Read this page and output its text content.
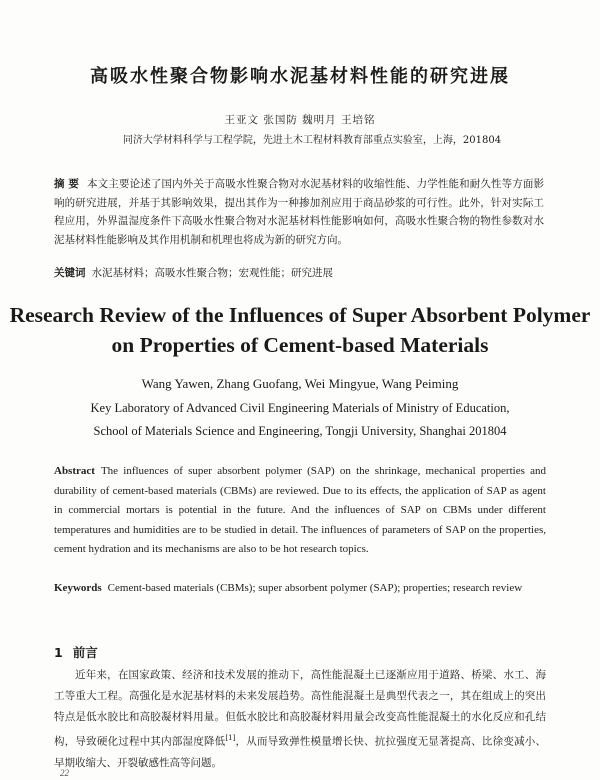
高吸水性聚合物影响水泥基材料性能的研究进展

王亚文 张国防 魏明月 王培铭

同济大学材料科学与工程学院，先进土木工程材料教育部重点实验室，上海，201804

摘 要 本文主要论述了国内外关于高吸水性聚合物对水泥基材料的收缩性能、力学性能和耐久性等方面影响的研究进展，并基于其影响效果，提出其作为一种掺加剂应用于商品砂浆的可行性。此外，针对实际工程应用，外界温湿度条件下高吸水性聚合物对水泥基材料性能影响如何，高吸水性聚合物的物性参数对水泥基材料性能影响及其作用机制和机理也将成为新的研究方向。

关键词 水泥基材料；高吸水性聚合物；宏观性能；研究进展

Research Review of the Influences of Super Absorbent Polymer on Properties of Cement-based Materials

Wang Yawen, Zhang Guofang, Wei Mingyue, Wang Peiming

Key Laboratory of Advanced Civil Engineering Materials of Ministry of Education,
School of Materials Science and Engineering, Tongji University, Shanghai 201804

Abstract The influences of super absorbent polymer (SAP) on the shrinkage, mechanical properties and durability of cement-based materials (CBMs) are reviewed. Due to its effects, the application of SAP as agent in commercial mortars is potential in the future. And the influences of SAP on CBMs under different temperatures and humidities are to be studied in detail. The influences of parameters of SAP on the properties, cement hydration and its mechanisms are also to be hot research topics.

Keywords Cement-based materials (CBMs); super absorbent polymer (SAP); properties; research review

1 前言

近年来，在国家政策、经济和技术发展的推动下，高性能混凝土已逐渐应用于道路、桥梁、水工、海工等重大工程。高强化是水泥基材料的未来发展趋势。高性能混凝土是典型代表之一，其在组成上的突出特点是低水胶比和高胶凝材料用量。但低水胶比和高胶凝材料用量会改变高性能混凝土的水化反应和孔结构，导致硬化过程中其内部湿度降低[1]，从而导致弹性模量增长快、抗拉强度无显著提高、比徐变减小、早期收缩大、开裂敏感性高等问题。

22
